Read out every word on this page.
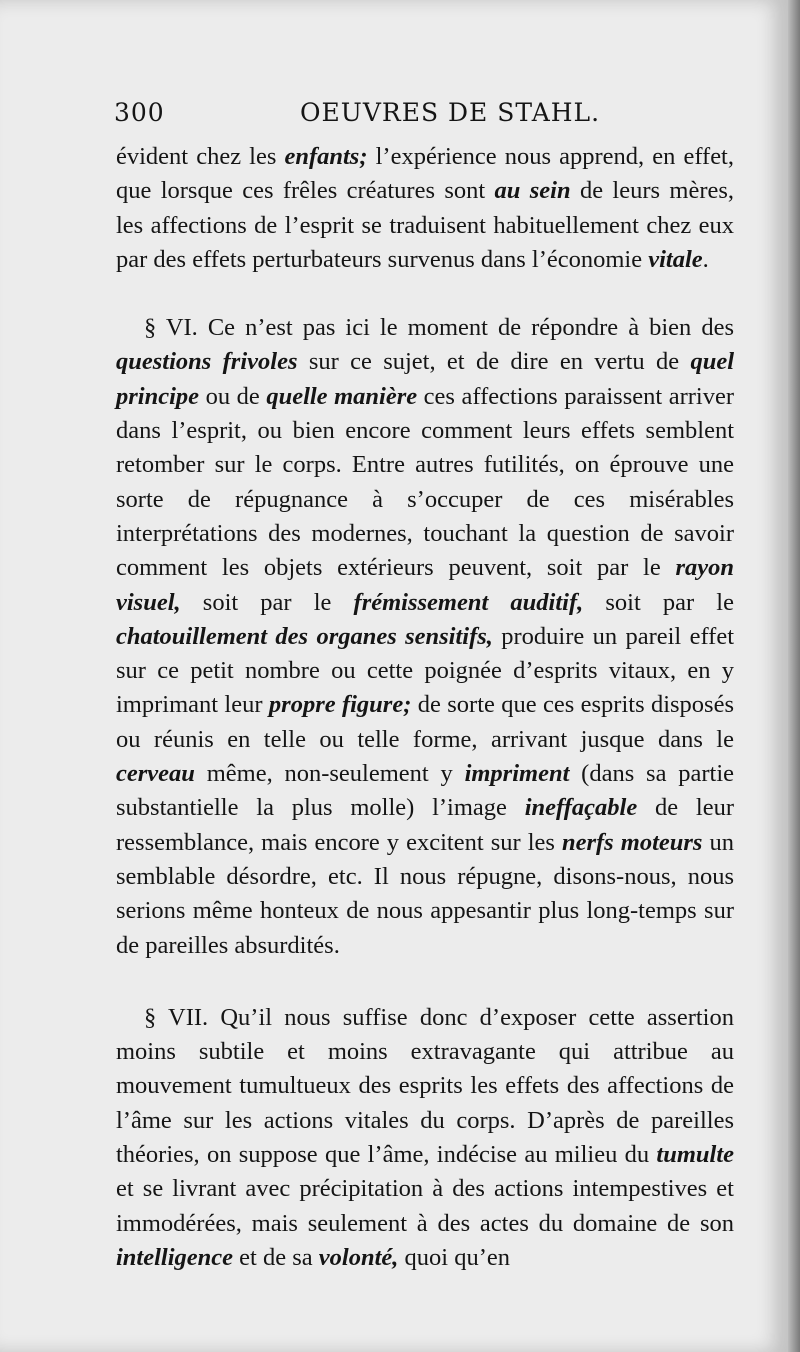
300	OEUVRES DE STAHL.

évident chez les enfants; l’expérience nous apprend, en effet, que lorsque ces frêles créatures sont au sein de leurs mères, les affections de l’esprit se traduisent habituellement chez eux par des effets perturbateurs survenus dans l’économie vitale.

§ VI. Ce n’est pas ici le moment de répondre à bien des questions frivoles sur ce sujet, et de dire en vertu de quel principe ou de quelle manière ces affections paraissent arriver dans l’esprit, ou bien encore comment leurs effets semblent retomber sur le corps. Entre autres futilités, on éprouve une sorte de répugnance à s’occuper de ces misérables interprétations des modernes, touchant la question de savoir comment les objets extérieurs peuvent, soit par le rayon visuel, soit par le frémissement auditif, soit par le chatouillement des organes sensitifs, produire un pareil effet sur ce petit nombre ou cette poignée d’esprits vitaux, en y imprimant leur propre figure; de sorte que ces esprits disposés ou réunis en telle ou telle forme, arrivant jusque dans le cerveau même, non-seulement y impriment (dans sa partie substantielle la plus molle) l’image ineffaçable de leur ressemblance, mais encore y excitent sur les nerfs moteurs un semblable désordre, etc. Il nous répugne, disons-nous, nous serions même honteux de nous appesantir plus long-temps sur de pareilles absurdités.

§ VII. Qu’il nous suffise donc d’exposer cette assertion moins subtile et moins extravagante qui attribue au mouvement tumultueux des esprits les effets des affections de l’âme sur les actions vitales du corps. D’après de pareilles théories, on suppose que l’âme, indécise au milieu du tumulte et se livrant avec précipitation à des actions intempestives et immodérées, mais seulement à des actes du domaine de son intelligence et de sa volonté, quoi qu’en
